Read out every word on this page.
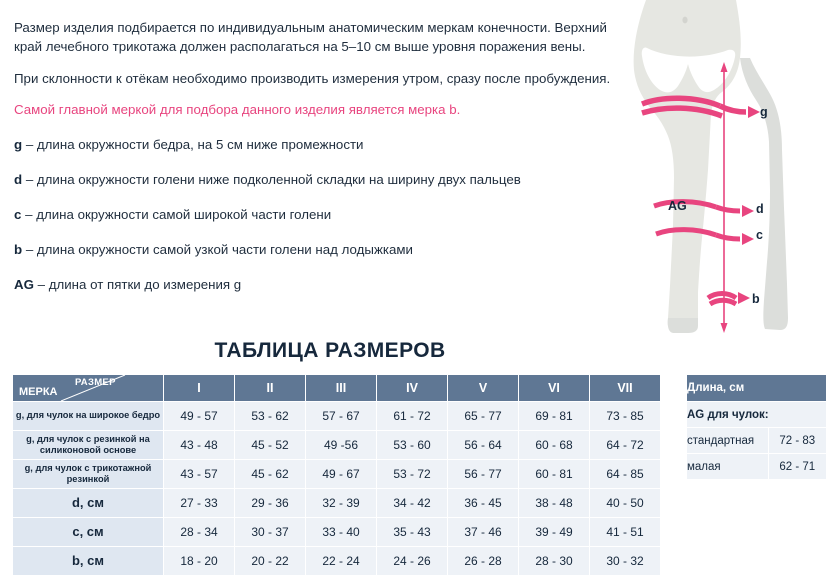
Размер изделия подбирается по индивидуальным анатомическим меркам конечности. Верхний край лечебного трикотажа должен располагаться на 5–10 см выше уровня поражения вены.

При склонности к отёкам необходимо производить измерения утром, сразу после пробуждения.

Самой главной меркой для подбора данного изделия является мерка b.

g – длина окружности бедра, на 5 см ниже промежности
d – длина окружности голени ниже подколенной складки на ширину двух пальцев
c – длина окружности самой широкой части голени
b – длина окружности самой узкой части голени над лодыжками
AG – длина от пятки до измерения g
g
d
c
b
AG
ТАБЛИЦА РАЗМЕРОВ
МЕРКА
РАЗМЕР	I	II	III	IV	V	VI	VII
g, для чулок на широкое бедро	49 - 57	53 - 62	57 - 67	61 - 72	65 - 77	69 - 81	73 - 85
g, для чулок с резинкой на силиконовой основе	43 - 48	45 - 52	49 -56	53 - 60	56 - 64	60 - 68	64 - 72
g, для чулок с трикотажной резинкой	43 - 57	45 - 62	49 - 67	53 - 72	56 - 77	60 - 81	64 - 85
d, см	27 - 33	29 - 36	32 - 39	34 - 42	36 - 45	38 - 48	40 - 50
c, см	28 - 34	30 - 37	33 - 40	35 - 43	37 - 46	39 - 49	41 - 51
b, см	18 - 20	20 - 22	22 - 24	24 - 26	26 - 28	28 - 30	30 - 32
Длина, см	
AG для чулок:	
стандартная	72 - 83
малая	62 - 71
